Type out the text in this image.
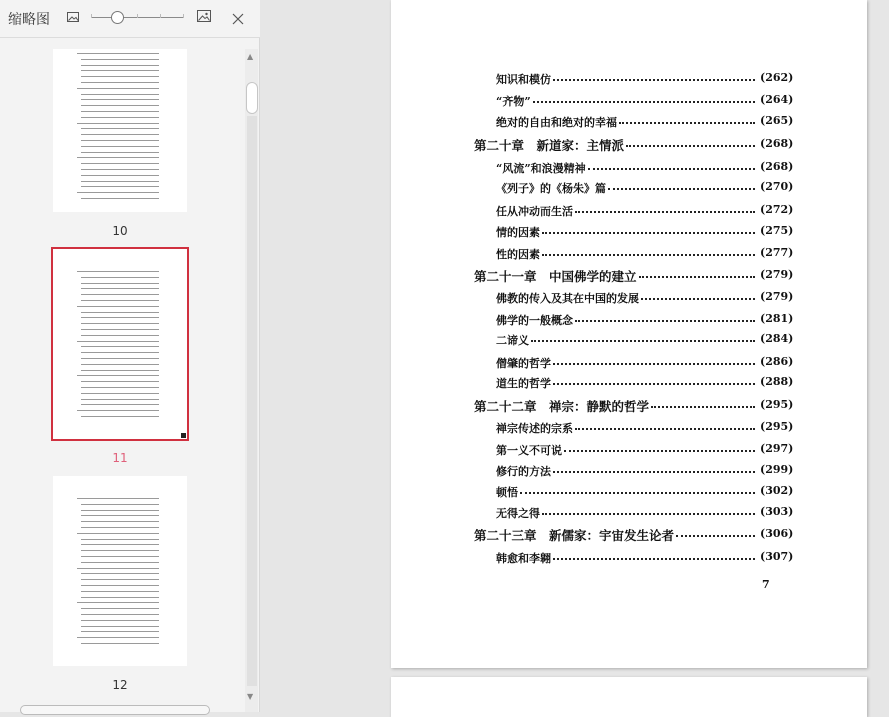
缩略图
10
11
12
▲
▼
知识和模仿	(262)
“齐物”	(264)
绝对的自由和绝对的幸福	(265)
第二十章　新道家：主情派	(268)
“风流”和浪漫精神	(268)
《列子》的《杨朱》篇	(270)
任从冲动而生活	(272)
情的因素	(275)
性的因素	(277)
第二十一章　中国佛学的建立	(279)
佛教的传入及其在中国的发展	(279)
佛学的一般概念	(281)
二谛义	(284)
僧肇的哲学	(286)
道生的哲学	(288)
第二十二章　禅宗：静默的哲学	(295)
禅宗传述的宗系	(295)
第一义不可说	(297)
修行的方法	(299)
顿悟	(302)
无得之得	(303)
第二十三章　新儒家：宇宙发生论者	(306)
韩愈和李翱	(307)
7
